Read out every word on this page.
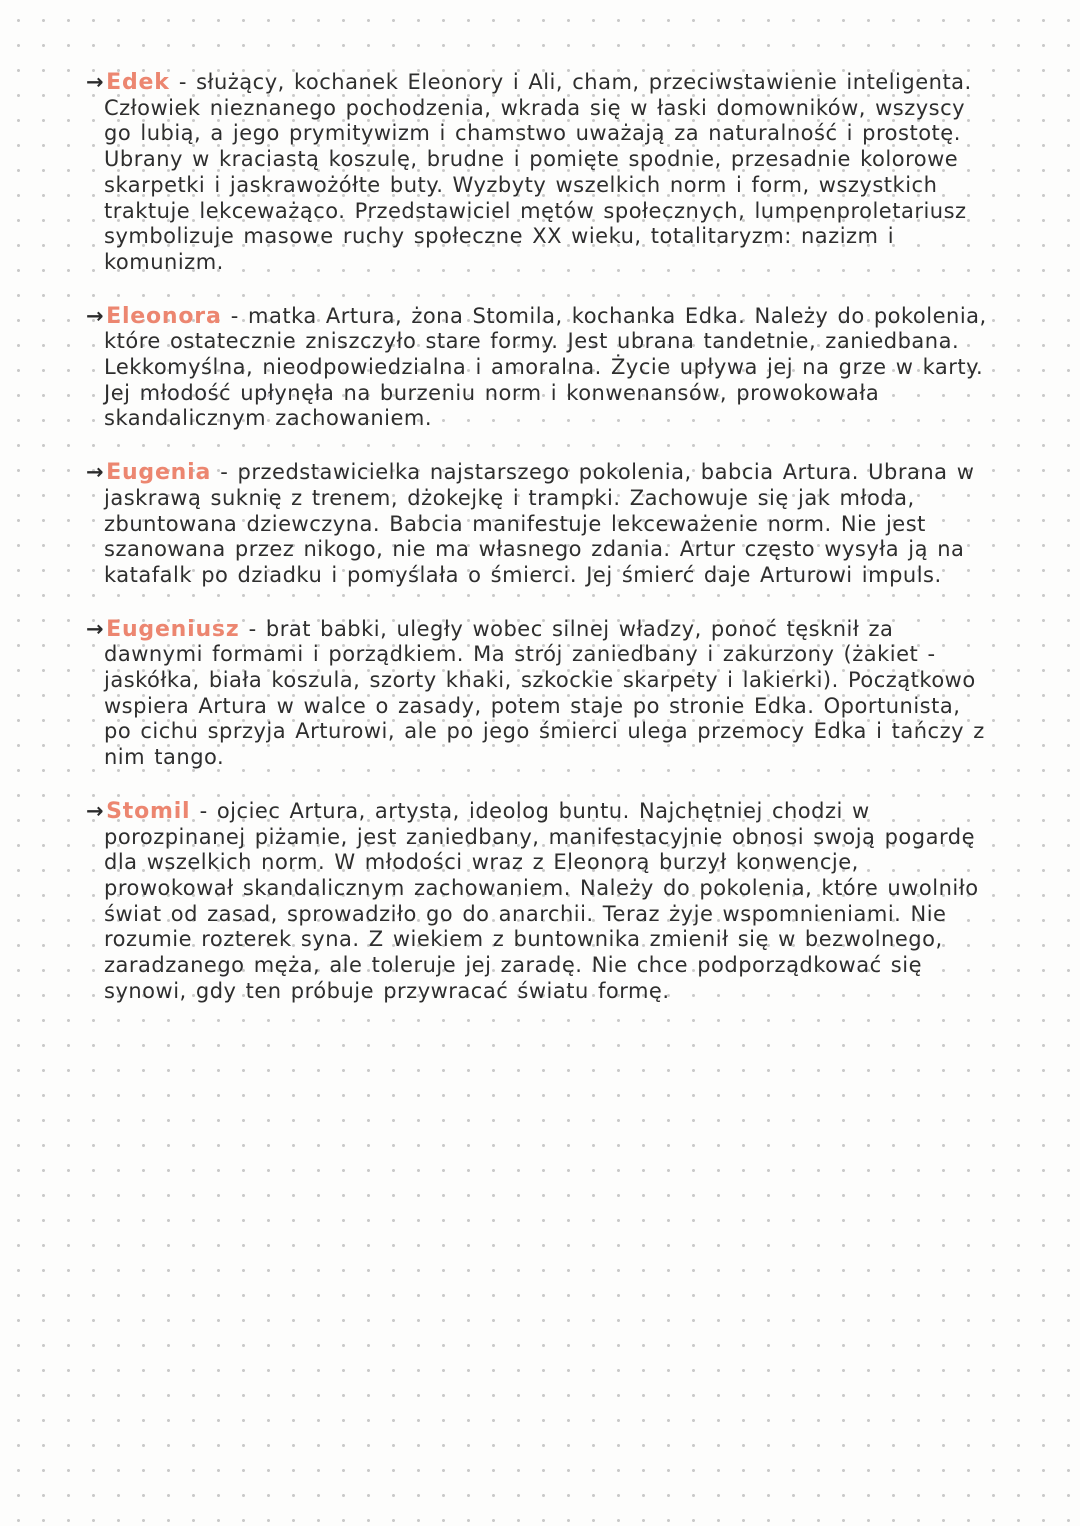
→Edek - służący, kochanek Eleonory i Ali, cham, przeciwstawienie inteligenta. Człowiek nieznanego pochodzenia, wkrada się w łaski domowników, wszyscy go lubią, a jego prymitywizm i chamstwo uważają za naturalność i prostotę. Ubrany w kraciastą koszulę, brudne i pomięte spodnie, przesadnie kolorowe skarpetki i jaskrawożółte buty. Wyzbyty wszelkich norm i form, wszystkich traktuje lekceważąco. Przedstawiciel mętów społecznych, lumpenproletariusz symbolizuje masowe ruchy społeczne XX wieku, totalitaryzm: nazizm i komunizm.

→Eleonora - matka Artura, żona Stomila, kochanka Edka. Należy do pokolenia, które ostatecznie zniszczyło stare formy. Jest ubrana tandetnie, zaniedbana. Lekkomyślna, nieodpowiedzialna i amoralna. Życie upływa jej na grze w karty. Jej młodość upłynęła na burzeniu norm i konwenansów, prowokowała skandalicznym zachowaniem.

→Eugenia - przedstawicielka najstarszego pokolenia, babcia Artura. Ubrana w jaskrawą suknię z trenem, dżokejkę i trampki. Zachowuje się jak młoda, zbuntowana dziewczyna. Babcia manifestuje lekceważenie norm. Nie jest szanowana przez nikogo, nie ma własnego zdania. Artur często wysyła ją na katafalk po dziadku i pomyślała o śmierci. Jej śmierć daje Arturowi impuls.

→Eugeniusz - brat babki, uległy wobec silnej władzy, ponoć tęsknił za dawnymi formami i porządkiem. Ma strój zaniedbany i zakurzony (żakiet - jaskółka, biała koszula, szorty khaki, szkockie skarpety i lakierki). Początkowo wspiera Artura w walce o zasady, potem staje po stronie Edka. Oportunista, po cichu sprzyja Arturowi, ale po jego śmierci ulega przemocy Edka i tańczy z nim tango.

→Stomil - ojciec Artura, artysta, ideolog buntu. Najchętniej chodzi w porozpinanej piżamie, jest zaniedbany, manifestacyjnie obnosi swoją pogardę dla wszelkich norm. W młodości wraz z Eleonorą burzył konwencje, prowokował skandalicznym zachowaniem. Należy do pokolenia, które uwolniło świat od zasad, sprowadziło go do anarchii. Teraz żyje wspomnieniami. Nie rozumie rozterek syna. Z wiekiem z buntownika zmienił się w bezwolnego, zaradzanego męża, ale toleruje jej zaradę. Nie chce podporządkować się synowi, gdy ten próbuje przywracać światu formę.
